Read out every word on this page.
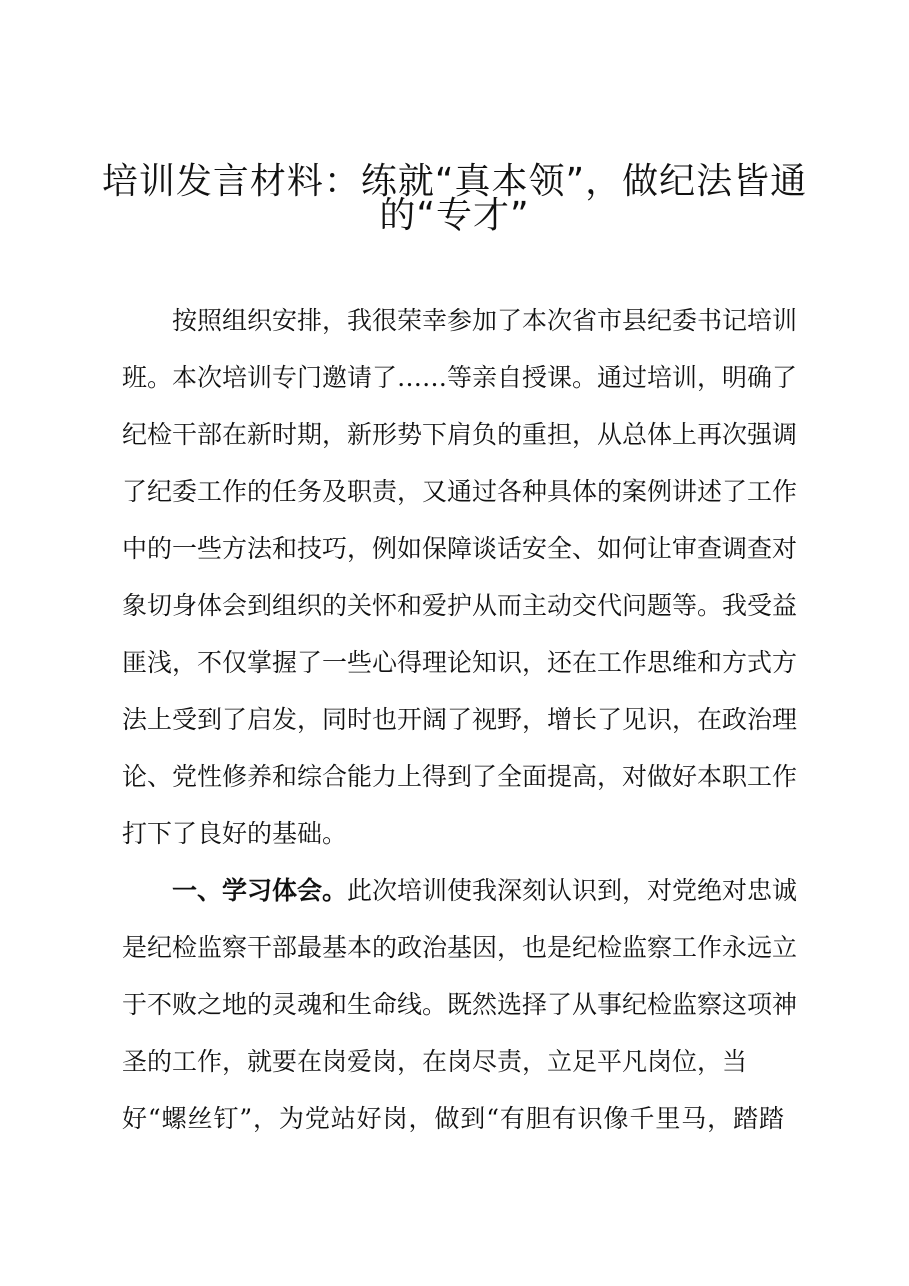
培训发言材料：练就“真本领”，做纪法皆通
的“专才”
按照组织安排，我很荣幸参加了本次省市县纪委书记培训
班。本次培训专门邀请了……等亲自授课。通过培训，明确了
纪检干部在新时期，新形势下肩负的重担，从总体上再次强调
了纪委工作的任务及职责，又通过各种具体的案例讲述了工作
中的一些方法和技巧，例如保障谈话安全、如何让审查调查对
象切身体会到组织的关怀和爱护从而主动交代问题等。我受益
匪浅，不仅掌握了一些心得理论知识，还在工作思维和方式方
法上受到了启发，同时也开阔了视野，增长了见识，在政治理
论、党性修养和综合能力上得到了全面提高，对做好本职工作
打下了良好的基础。
一、学习体会。此次培训使我深刻认识到，对党绝对忠诚
是纪检监察干部最基本的政治基因，也是纪检监察工作永远立
于不败之地的灵魂和生命线。既然选择了从事纪检监察这项神
圣的工作，就要在岗爱岗，在岗尽责，立足平凡岗位，当
好“螺丝钉”，为党站好岗，做到“有胆有识像千里马，踏踏
